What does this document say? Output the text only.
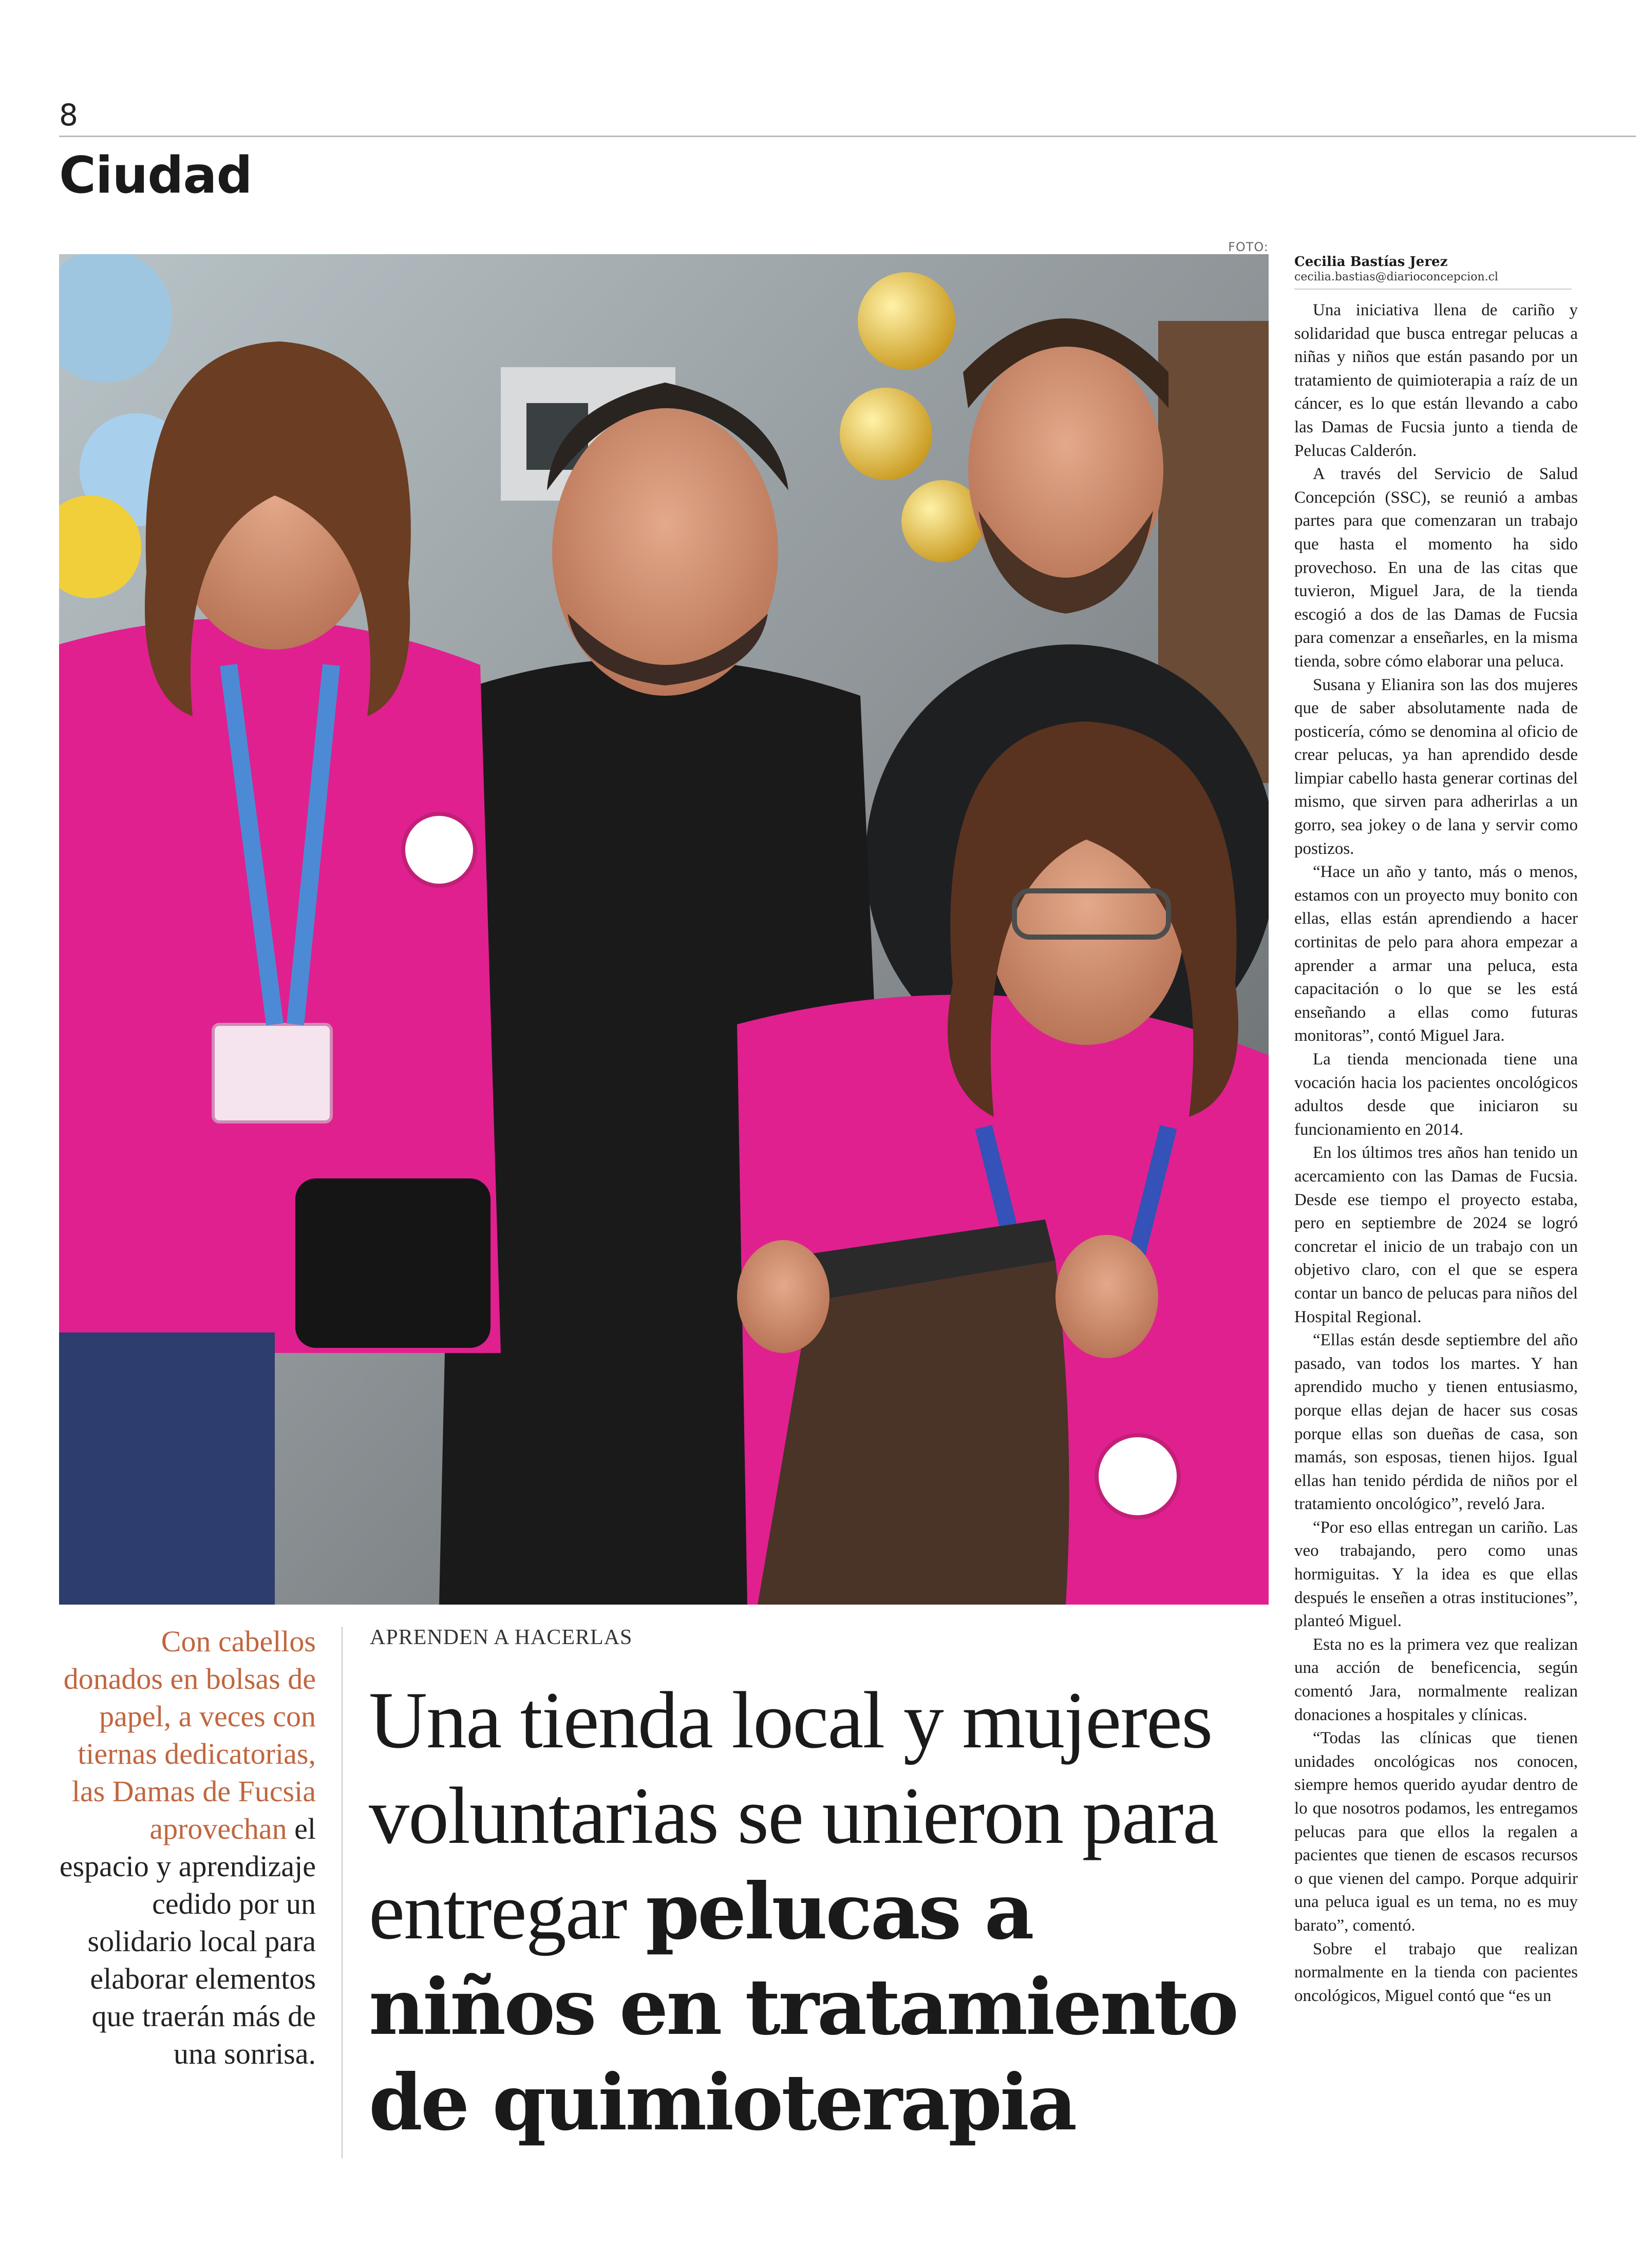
8
Ciudad
FOTO:
Cecilia Bastías Jerez
cecilia.bastias@diarioconcepcion.cl

Una iniciativa llena de cariño y solidaridad que busca entregar pelucas a niñas y niños que están pasando por un tratamiento de quimioterapia a raíz de un cáncer, es lo que están llevando a cabo las Damas de Fucsia junto a tienda de Pelucas Calderón.

A través del Servicio de Salud Concepción (SSC), se reunió a ambas partes para que comenzaran un trabajo que hasta el momento ha sido provechoso. En una de las citas que tuvieron, Miguel Jara, de la tienda escogió a dos de las Damas de Fucsia para comenzar a enseñarles, en la misma tienda, sobre cómo elaborar una peluca.

Susana y Elianira son las dos mujeres que de saber absolutamente nada de posticería, cómo se denomina al oficio de crear pelucas, ya han aprendido desde limpiar cabello hasta generar cortinas del mismo, que sirven para adherirlas a un gorro, sea jokey o de lana y servir como postizos.

“Hace un año y tanto, más o menos, estamos con un proyecto muy bonito con ellas, ellas están aprendiendo a hacer cortinitas de pelo para ahora empezar a aprender a armar una peluca, esta capacitación o lo que se les está enseñando a ellas como futuras monitoras”, contó Miguel Jara.

La tienda mencionada tiene una vocación hacia los pacientes oncológicos adultos desde que iniciaron su funcionamiento en 2014.

En los últimos tres años han tenido un acercamiento con las Damas de Fucsia. Desde ese tiempo el proyecto estaba, pero en septiembre de 2024 se logró concretar el inicio de un trabajo con un objetivo claro, con el que se espera contar un banco de pelucas para niños del Hospital Regional.

“Ellas están desde septiembre del año pasado, van todos los martes. Y han aprendido mucho y tienen entusiasmo, porque ellas dejan de hacer sus cosas porque ellas son dueñas de casa, son mamás, son esposas, tienen hijos. Igual ellas han tenido pérdida de niños por el tratamiento oncológico”, reveló Jara.

“Por eso ellas entregan un cariño. Las veo trabajando, pero como unas hormiguitas. Y la idea es que ellas después le enseñen a otras instituciones”, planteó Miguel.

Esta no es la primera vez que realizan una acción de beneficencia, según comentó Jara, normalmente realizan donaciones a hospitales y clínicas.

“Todas las clínicas que tienen unidades oncológicas nos conocen, siempre hemos querido ayudar dentro de lo que nosotros podamos, les entregamos pelucas para que ellos la regalen a pacientes que tienen de escasos recursos o que vienen del campo. Porque adquirir una peluca igual es un tema, no es muy barato”, comentó.

Sobre el trabajo que realizan normalmente en la tienda con pacientes oncológicos, Miguel contó que “es un

Con cabellos donados en bolsas de papel, a veces con tiernas dedicatorias, las Damas de Fucsia aprovechan el espacio y aprendizaje cedido por un solidario local para elaborar elementos que traerán más de una sonrisa.
APRENDEN A HACERLAS
Una tienda local y mujeres voluntarias se unieron para entregar pelucas a niños en tratamiento de quimioterapia
